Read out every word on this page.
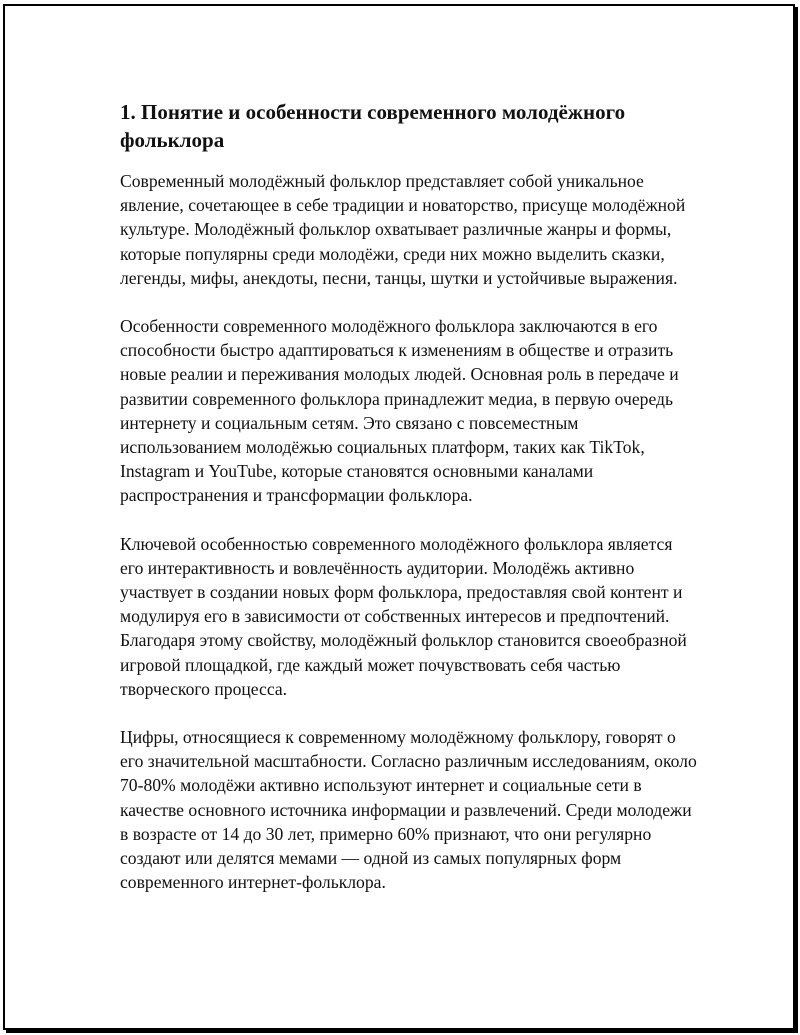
1. Понятие и особенности современного молодёжного фольклора

Современный молодёжный фольклор представляет собой уникальное явление, сочетающее в себе традиции и новаторство, присуще молодёжной культуре. Молодёжный фольклор охватывает различные жанры и формы, которые популярны среди молодёжи, среди них можно выделить сказки, легенды, мифы, анекдоты, песни, танцы, шутки и устойчивые выражения.

Особенности современного молодёжного фольклора заключаются в его способности быстро адаптироваться к изменениям в обществе и отразить новые реалии и переживания молодых людей. Основная роль в передаче и развитии современного фольклора принадлежит медиа, в первую очередь интернету и социальным сетям. Это связано с повсеместным использованием молодёжью социальных платформ, таких как TikTok, Instagram и YouTube, которые становятся основными каналами распространения и трансформации фольклора.

Ключевой особенностью современного молодёжного фольклора является его интерактивность и вовлечённость аудитории. Молодёжь активно участвует в создании новых форм фольклора, предоставляя свой контент и модулируя его в зависимости от собственных интересов и предпочтений. Благодаря этому свойству, молодёжный фольклор становится своеобразной игровой площадкой, где каждый может почувствовать себя частью творческого процесса.

Цифры, относящиеся к современному молодёжному фольклору, говорят о его значительной масштабности. Согласно различным исследованиям, около 70-80% молодёжи активно используют интернет и социальные сети в качестве основного источника информации и развлечений. Среди молодежи в возрасте от 14 до 30 лет, примерно 60% признают, что они регулярно создают или делятся мемами — одной из самых популярных форм современного интернет-фольклора.
